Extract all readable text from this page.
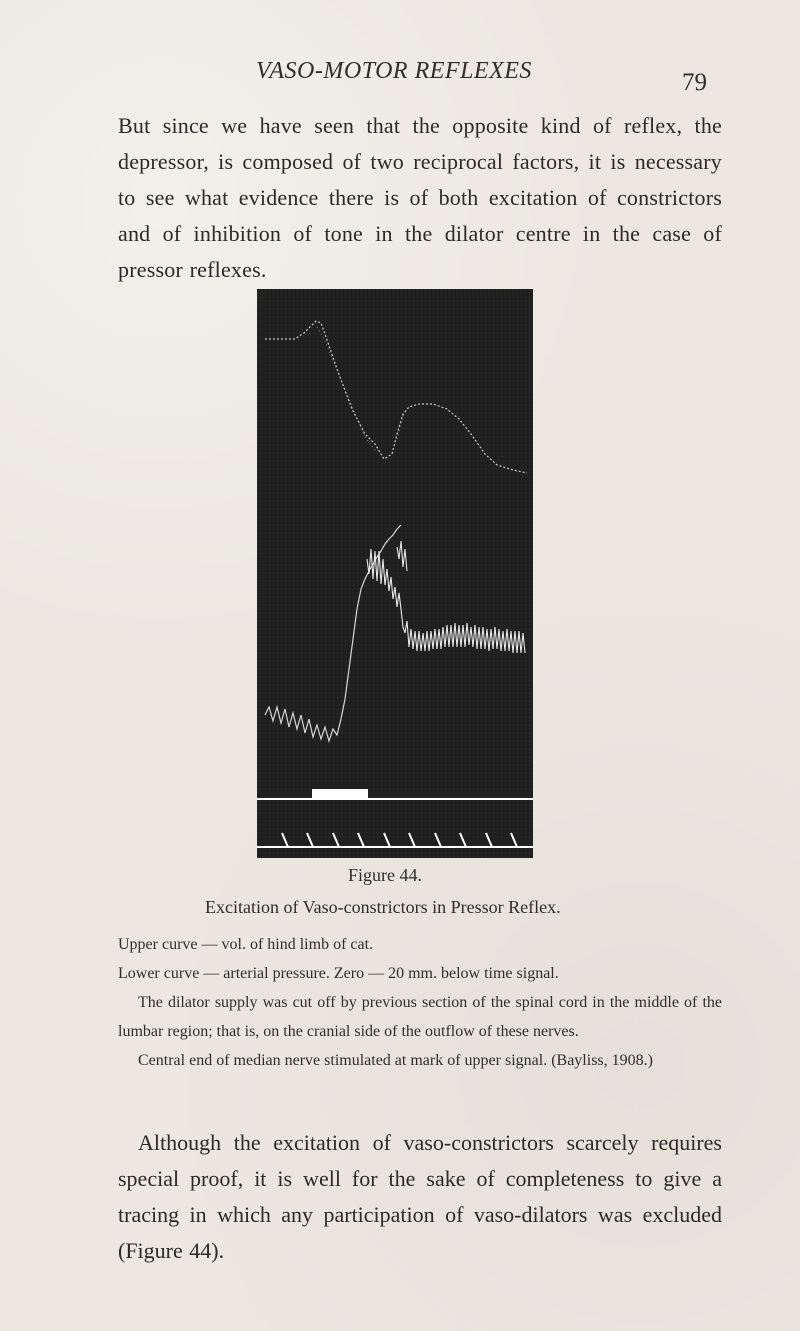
VASO-MOTOR REFLEXES	79
But since we have seen that the opposite kind of reflex, the depressor, is composed of two reciprocal factors, it is necessary to see what evidence there is of both excitation of constrictors and of inhibition of tone in the dilator centre in the case of pressor reflexes.
Figure 44.
Excitation of Vaso-constrictors in Pressor Reflex.
Upper curve — vol. of hind limb of cat.
Lower curve — arterial pressure. Zero — 20 mm. below time signal.
The dilator supply was cut off by previous section of the spinal cord in the middle of the lumbar region; that is, on the cranial side of the outflow of these nerves.
Central end of median nerve stimulated at mark of upper signal. (Bayliss, 1908.)
Although the excitation of vaso-constrictors scarcely requires special proof, it is well for the sake of completeness to give a tracing in which any participation of vaso-dilators was excluded (Figure 44).
